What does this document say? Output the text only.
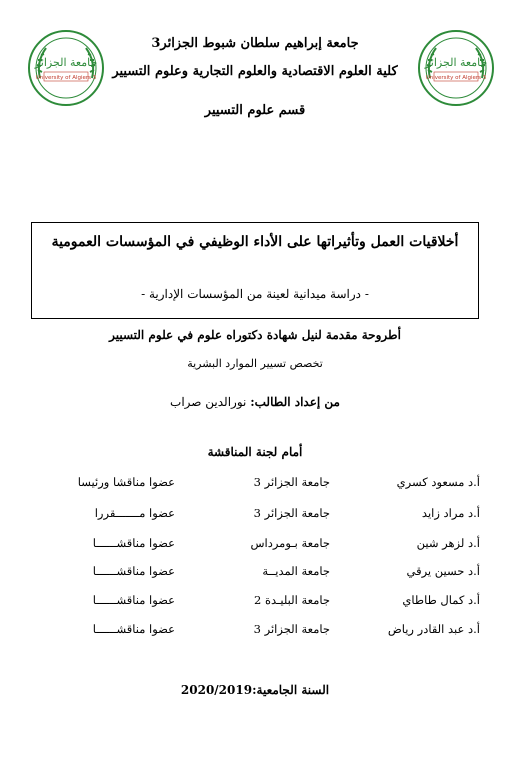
جامعة الجزائر
University of Algiers 3
جامعة الجزائر
University of Algiers 3
جامعة إبراهيم سلطان شبوط الجزائر3
كلية العلوم الاقتصادية والعلوم التجارية وعلوم التسيير
قسم علوم التسيير
أخلاقيات العمل وتأثيراتها على الأداء الوظيفي في المؤسسات العمومية
- دراسة ميدانية لعينة من المؤسسات الإدارية -
أطروحة مقدمة لنيل شهادة دكتوراه علوم في علوم التسيير
تخصص تسيير الموارد البشرية
من إعداد الطالب: نورالدين صراب
أمام لجنة المناقشة
أ.د مسعود كسري
جامعة الجزائر 3
عضوا مناقشا ورئيسا
أ.د مراد زايد
جامعة الجزائر 3
عضوا مـــــــقررا
أ.د لزهر شين
جامعة بـومرداس
عضوا مناقشــــــا
أ.د حسين يرقي
جامعة المديــة
عضوا مناقشــــــا
أ.د كمال طاطاي
جامعة البليـدة 2
عضوا مناقشــــــا
أ.د عبد القادر رياض
جامعة الجزائر 3
عضوا مناقشــــــا
السنة الجامعية:2020/2019
